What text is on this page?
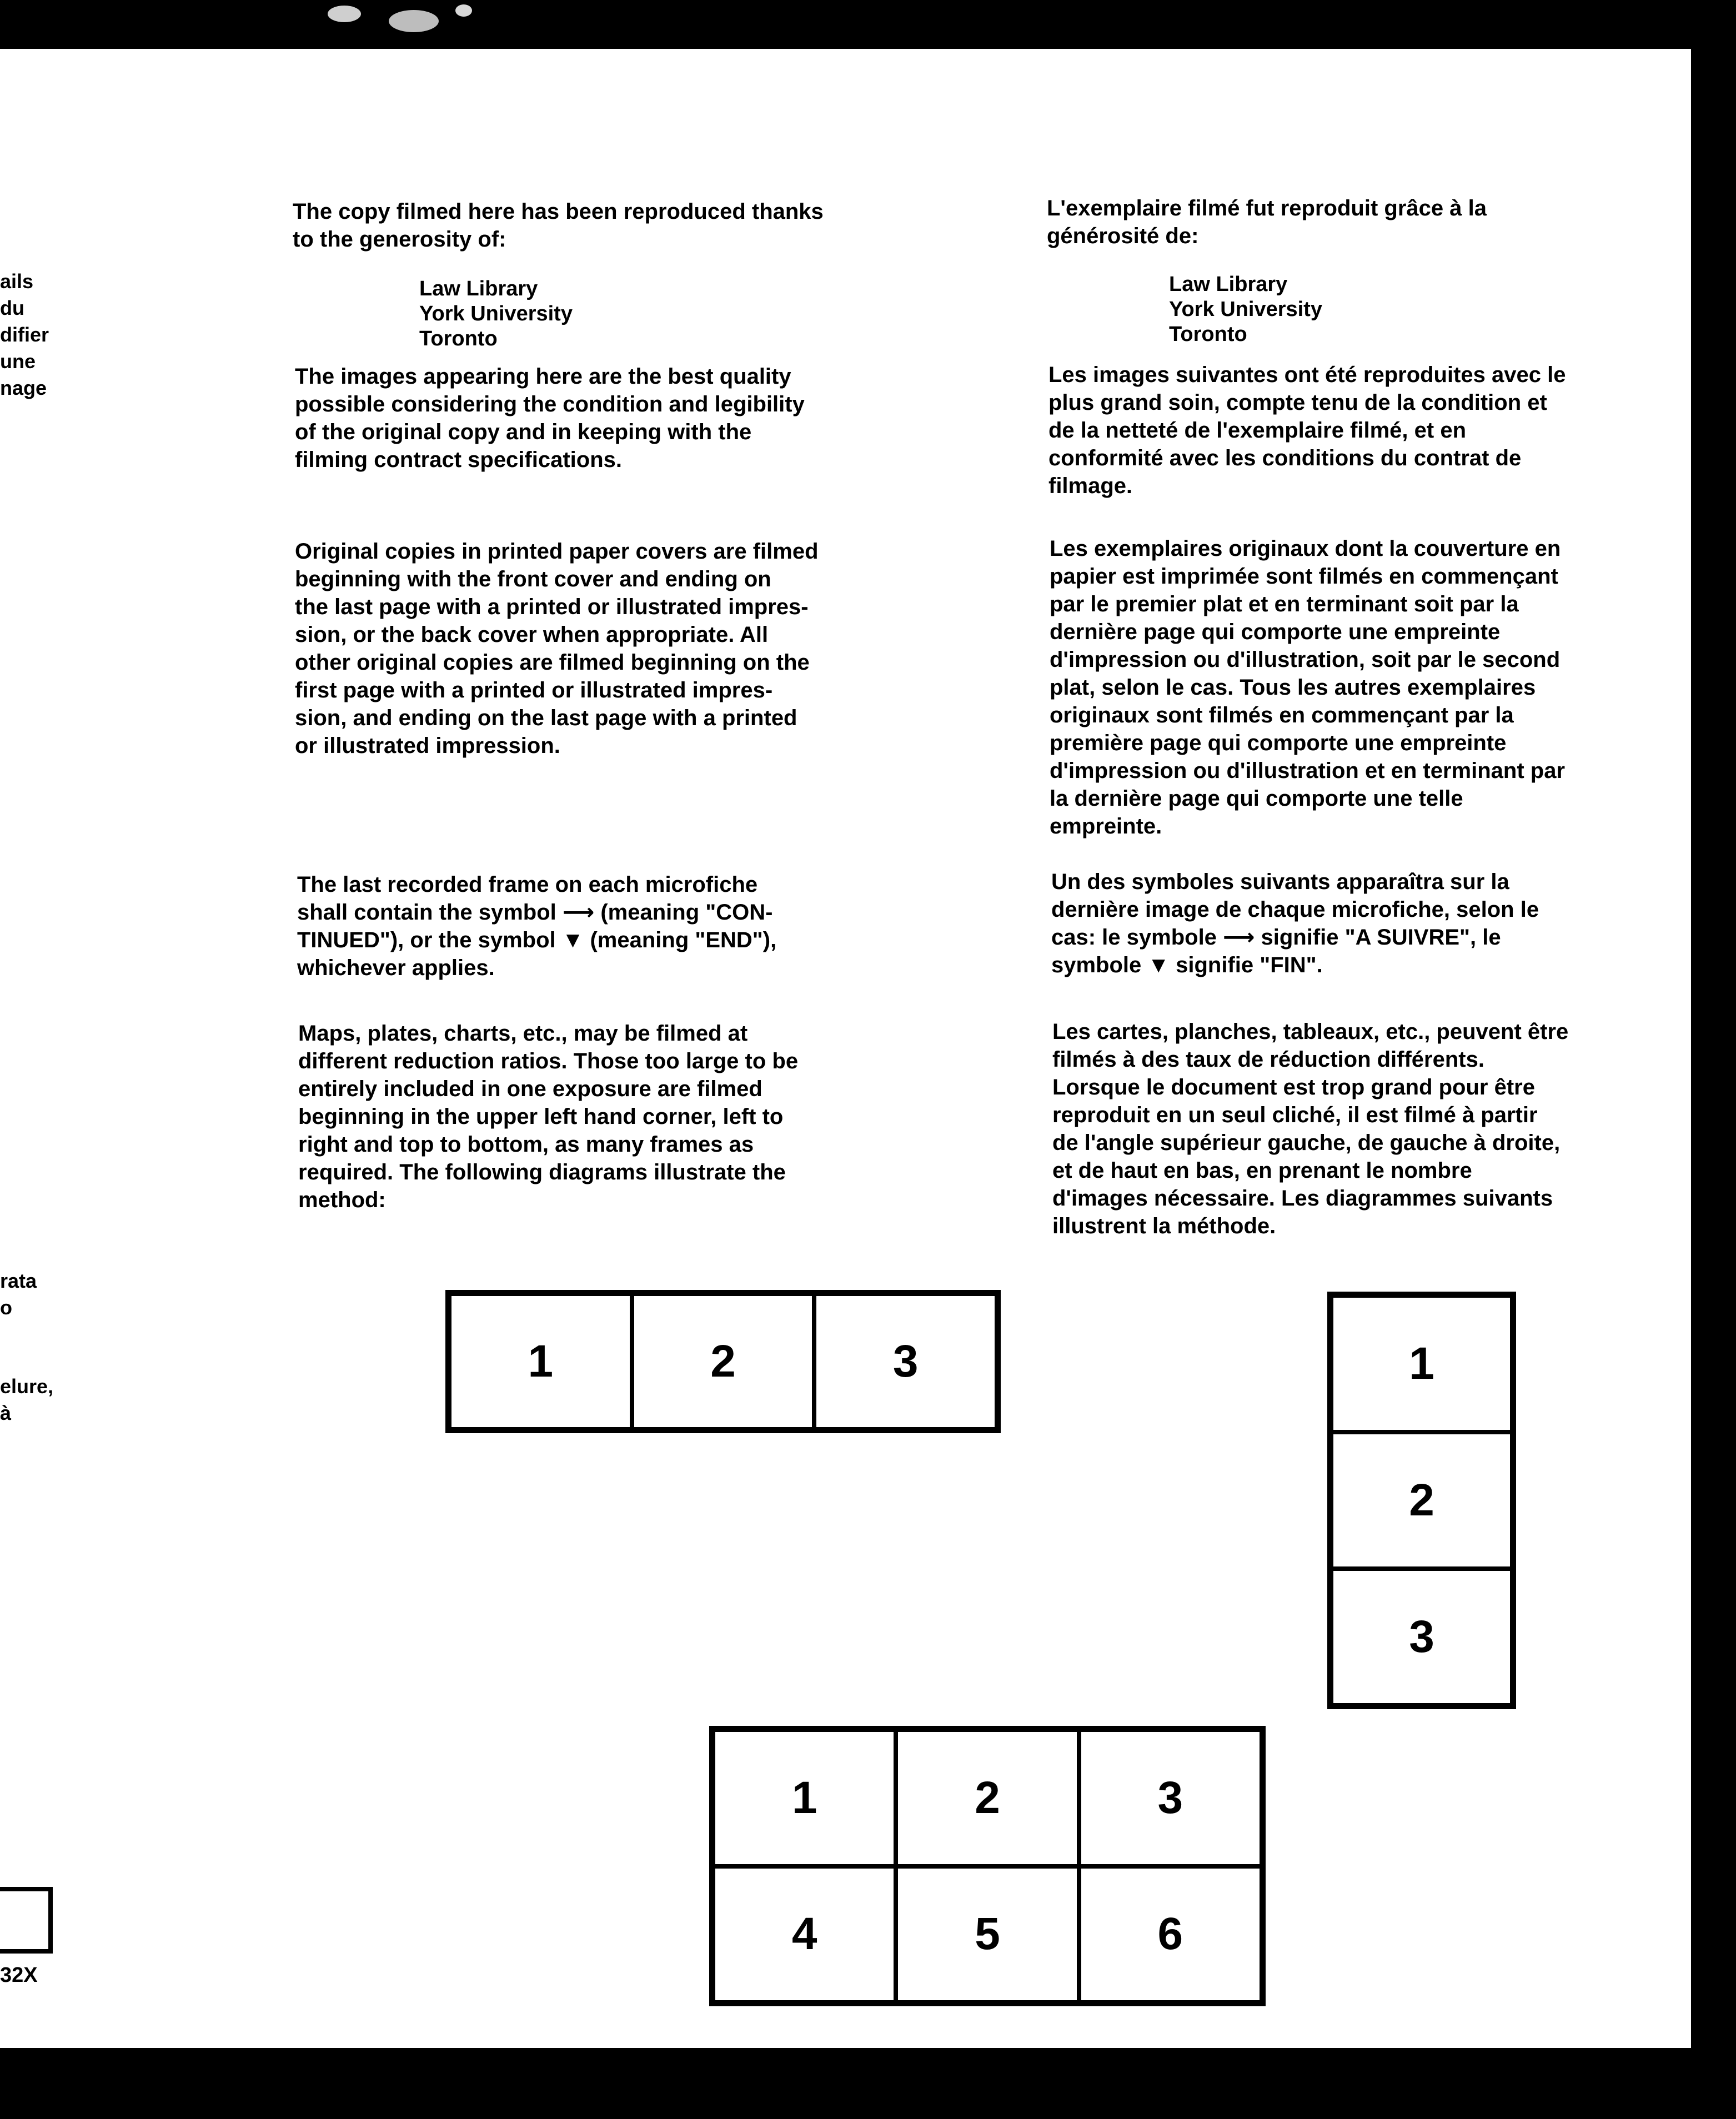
ails
du
difier
une
nage
rata
o
elure,
à
32X

The copy filmed here has been reproduced thanks
to the generosity of:

Law Library
York University
Toronto

The images appearing here are the best quality
possible considering the condition and legibility
of the original copy and in keeping with the
filming contract specifications.

Original copies in printed paper covers are filmed
beginning with the front cover and ending on
the last page with a printed or illustrated impres-
sion, or the back cover when appropriate. All
other original copies are filmed beginning on the
first page with a printed or illustrated impres-
sion, and ending on the last page with a printed
or illustrated impression.

The last recorded frame on each microfiche
shall contain the symbol ⟶ (meaning "CON-
TINUED"), or the symbol ▼ (meaning "END"),
whichever applies.

Maps, plates, charts, etc., may be filmed at
different reduction ratios. Those too large to be
entirely included in one exposure are filmed
beginning in the upper left hand corner, left to
right and top to bottom, as many frames as
required. The following diagrams illustrate the
method:

L'exemplaire filmé fut reproduit grâce à la
générosité de:

Law Library
York University
Toronto

Les images suivantes ont été reproduites avec le
plus grand soin, compte tenu de la condition et
de la netteté de l'exemplaire filmé, et en
conformité avec les conditions du contrat de
filmage.

Les exemplaires originaux dont la couverture en
papier est imprimée sont filmés en commençant
par le premier plat et en terminant soit par la
dernière page qui comporte une empreinte
d'impression ou d'illustration, soit par le second
plat, selon le cas. Tous les autres exemplaires
originaux sont filmés en commençant par la
première page qui comporte une empreinte
d'impression ou d'illustration et en terminant par
la dernière page qui comporte une telle
empreinte.

Un des symboles suivants apparaîtra sur la
dernière image de chaque microfiche, selon le
cas: le symbole ⟶ signifie "A SUIVRE", le
symbole ▼ signifie "FIN".

Les cartes, planches, tableaux, etc., peuvent être
filmés à des taux de réduction différents.
Lorsque le document est trop grand pour être
reproduit en un seul cliché, il est filmé à partir
de l'angle supérieur gauche, de gauche à droite,
et de haut en bas, en prenant le nombre
d'images nécessaire. Les diagrammes suivants
illustrent la méthode.

1	2	3	1
2
3
1	2	3
4	5	6
